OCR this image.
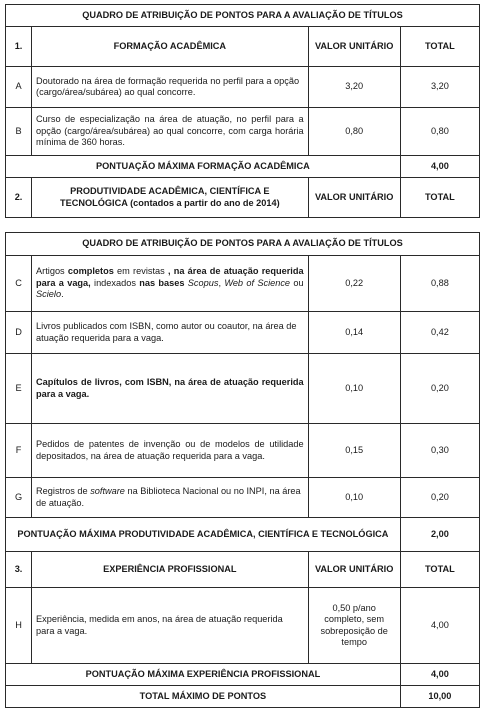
QUADRO DE ATRIBUIÇÃO DE PONTOS PARA A AVALIAÇÃO DE TÍTULOS			
1.	FORMAÇÃO ACADÊMICA	VALOR UNITÁRIO	TOTAL
A	Doutorado na área de formação requerida no perfil para a opção (cargo/área/subárea) ao qual concorre.	3,20	3,20
B	Curso de especialização na área de atuação, no perfil para a opção (cargo/área/subárea) ao qual concorre, com carga horária mínima de 360 horas.	0,80	0,80
PONTUAÇÃO MÁXIMA FORMAÇÃO ACADÊMICA			4,00
2.	PRODUTIVIDADE ACADÊMICA, CIENTÍFICA E TECNOLÓGICA (contados a partir do ano de 2014)	VALOR UNITÁRIO	TOTAL
QUADRO DE ATRIBUIÇÃO DE PONTOS PARA A AVALIAÇÃO DE TÍTULOS			
C	Artigos completos em revistas , na área de atuação requerida para a vaga, indexados nas bases Scopus, Web of Science ou Scielo.	0,22	0,88
D	Livros publicados com ISBN, como autor ou coautor, na área de atuação requerida para a vaga.	0,14	0,42
E	Capítulos de livros, com ISBN, na área de atuação requerida para a vaga.	0,10	0,20
F	Pedidos de patentes de invenção ou de modelos de utilidade depositados, na área de atuação requerida para a vaga.	0,15	0,30
G	Registros de software na Biblioteca Nacional ou no INPI, na área de atuação.	0,10	0,20
PONTUAÇÃO MÁXIMA PRODUTIVIDADE ACADÊMICA, CIENTÍFICA E TECNOLÓGICA			2,00
3.	EXPERIÊNCIA PROFISSIONAL	VALOR UNITÁRIO	TOTAL
H	Experiência, medida em anos, na área de atuação requerida para a vaga.	0,50 p/ano completo, sem sobreposição de tempo	4,00
PONTUAÇÃO MÁXIMA EXPERIÊNCIA PROFISSIONAL			4,00
TOTAL MÁXIMO DE PONTOS			10,00
